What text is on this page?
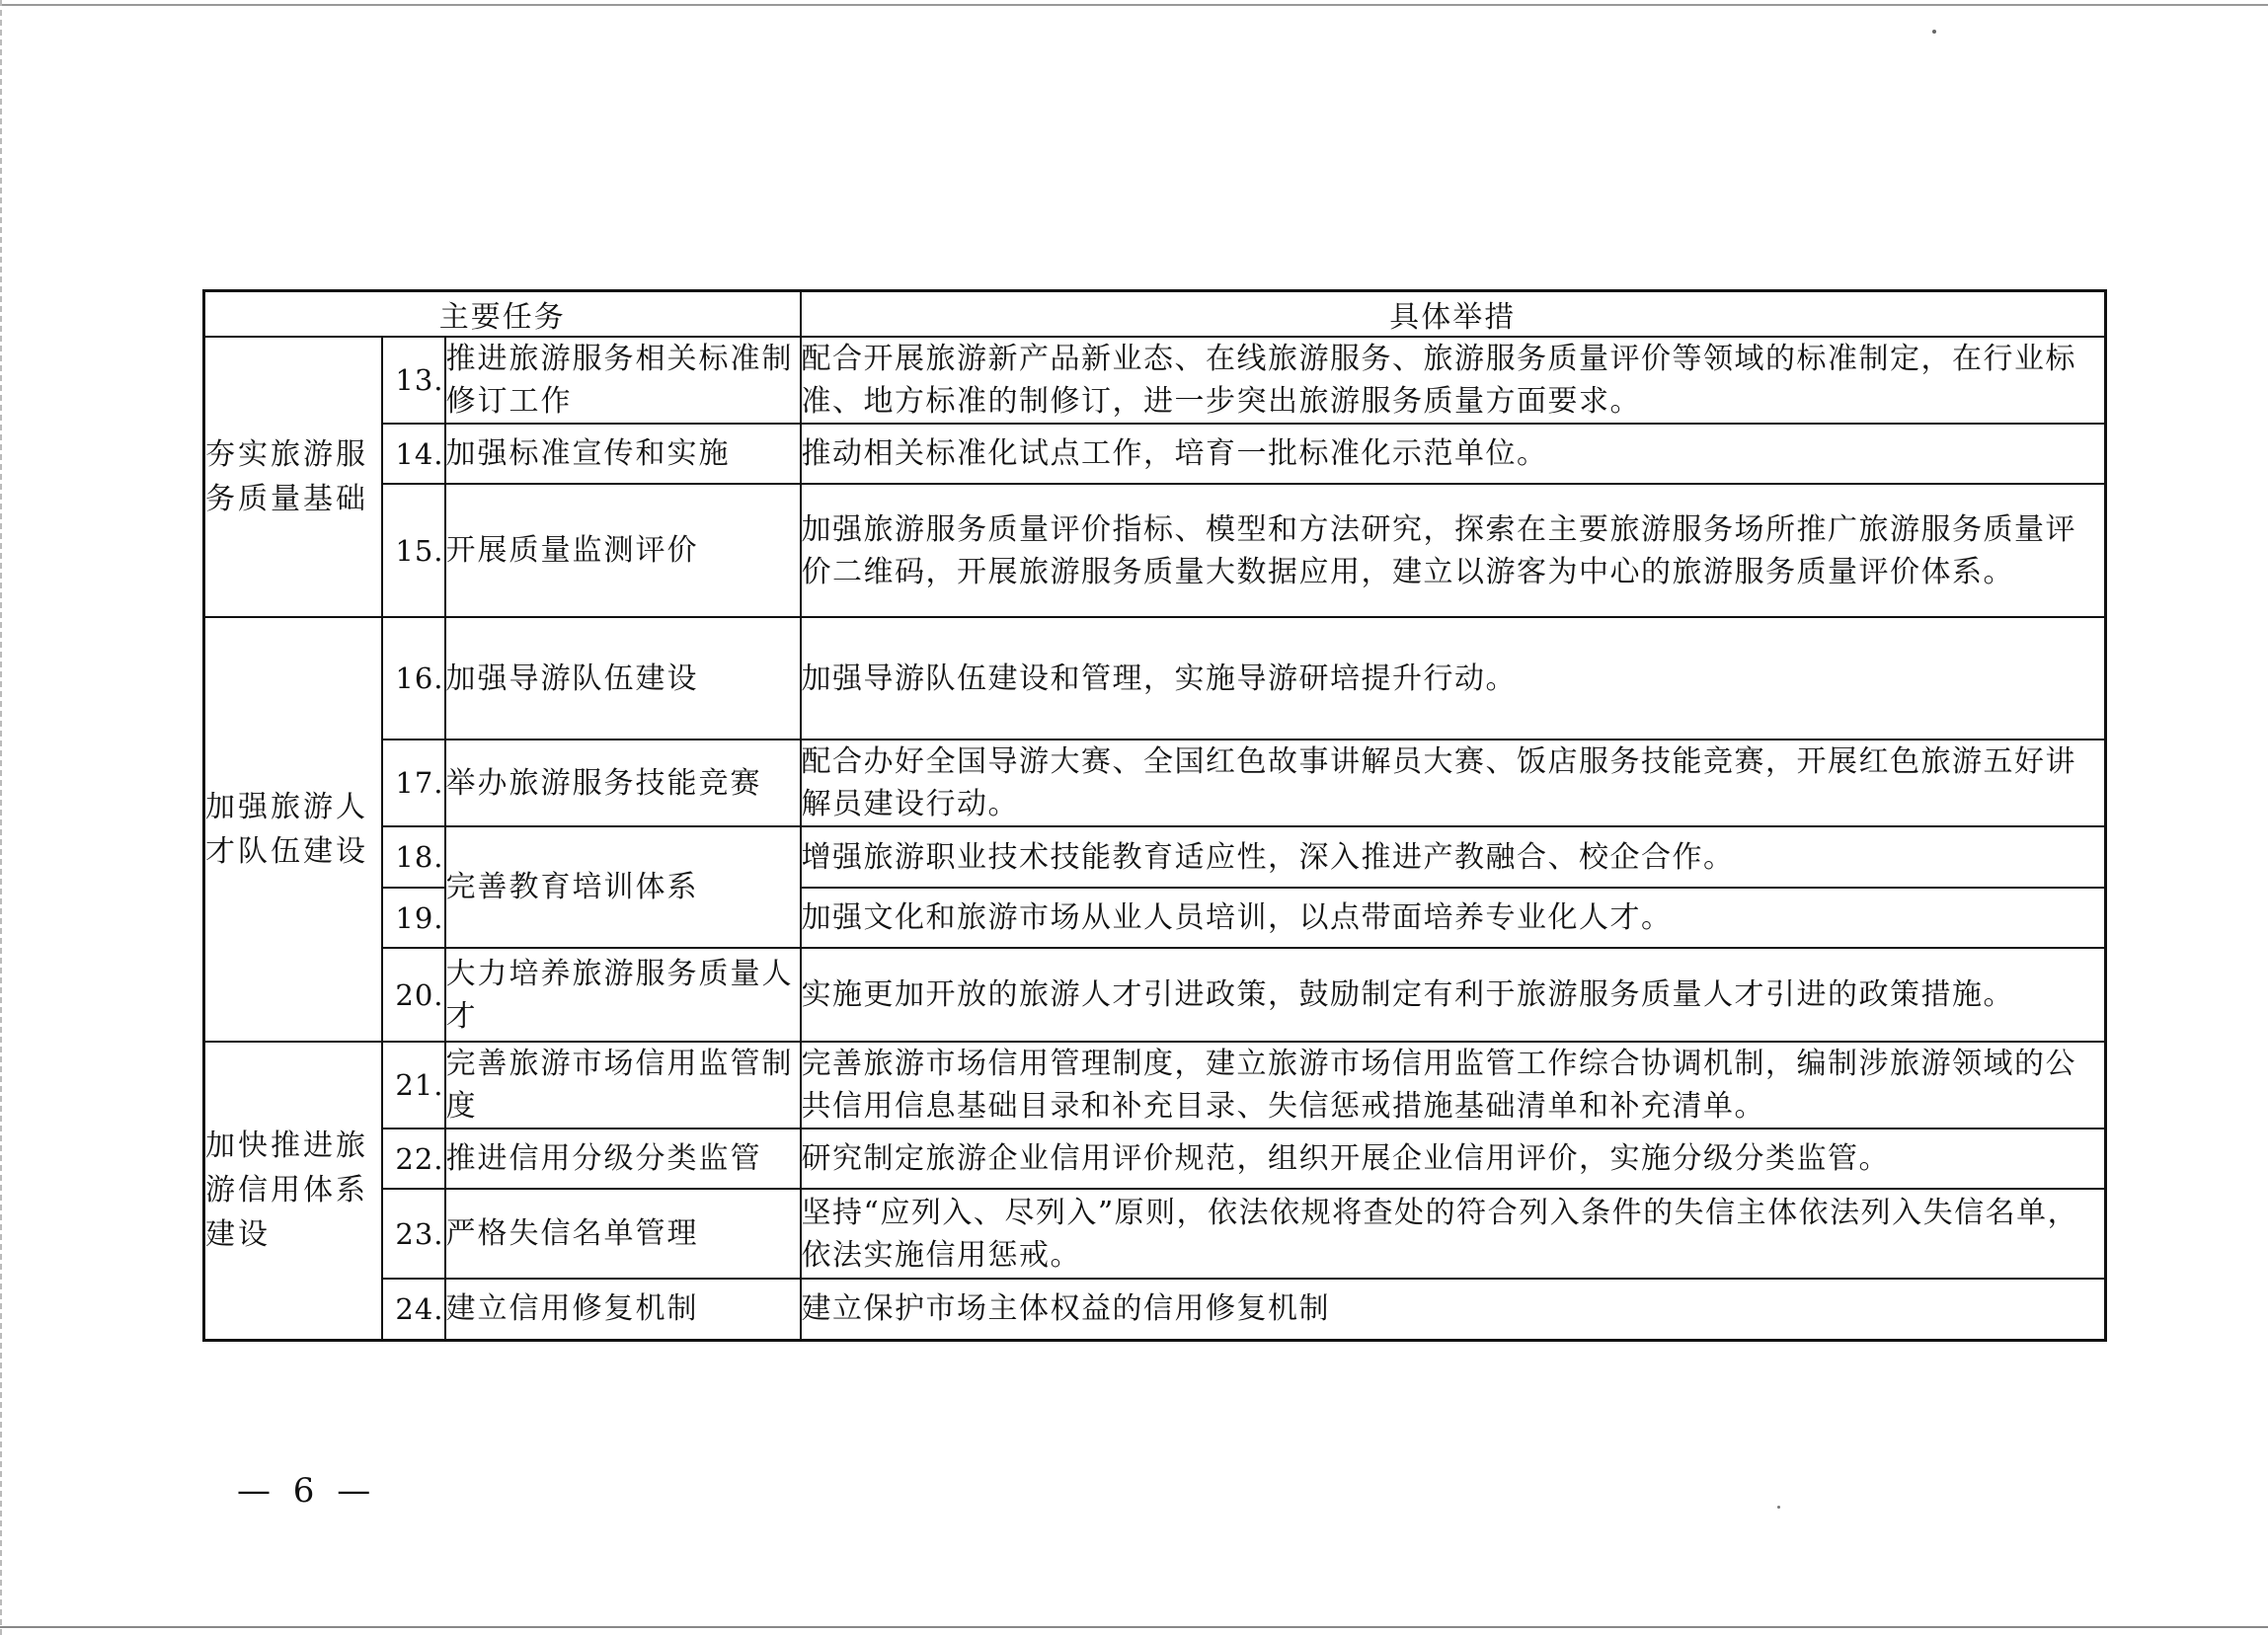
主要任务			具体举措
夯实旅游服务质量基础	13.	推进旅游服务相关标准制修订工作	配合开展旅游新产品新业态、在线旅游服务、旅游服务质量评价等领域的标准制定，在行业标准、地方标准的制修订，进一步突出旅游服务质量方面要求。
	14.	加强标准宣传和实施	推动相关标准化试点工作，培育一批标准化示范单位。
	15.	开展质量监测评价	加强旅游服务质量评价指标、模型和方法研究，探索在主要旅游服务场所推广旅游服务质量评价二维码，开展旅游服务质量大数据应用，建立以游客为中心的旅游服务质量评价体系。
加强旅游人才队伍建设	16.	加强导游队伍建设	加强导游队伍建设和管理，实施导游研培提升行动。
	17.	举办旅游服务技能竞赛	配合办好全国导游大赛、全国红色故事讲解员大赛、饭店服务技能竞赛，开展红色旅游五好讲解员建设行动。
	18.	完善教育培训体系	增强旅游职业技术技能教育适应性，深入推进产教融合、校企合作。
	19.		加强文化和旅游市场从业人员培训，以点带面培养专业化人才。
	20.	大力培养旅游服务质量人才	实施更加开放的旅游人才引进政策，鼓励制定有利于旅游服务质量人才引进的政策措施。
加快推进旅游信用体系建设	21.	完善旅游市场信用监管制度	完善旅游市场信用管理制度，建立旅游市场信用监管工作综合协调机制，编制涉旅游领域的公共信用信息基础目录和补充目录、失信惩戒措施基础清单和补充清单。
	22.	推进信用分级分类监管	研究制定旅游企业信用评价规范，组织开展企业信用评价，实施分级分类监管。
	23.	严格失信名单管理	坚持“应列入、尽列入”原则，依法依规将查处的符合列入条件的失信主体依法列入失信名单，依法实施信用惩戒。
	24.	建立信用修复机制	建立保护市场主体权益的信用修复机制
— 6 —
